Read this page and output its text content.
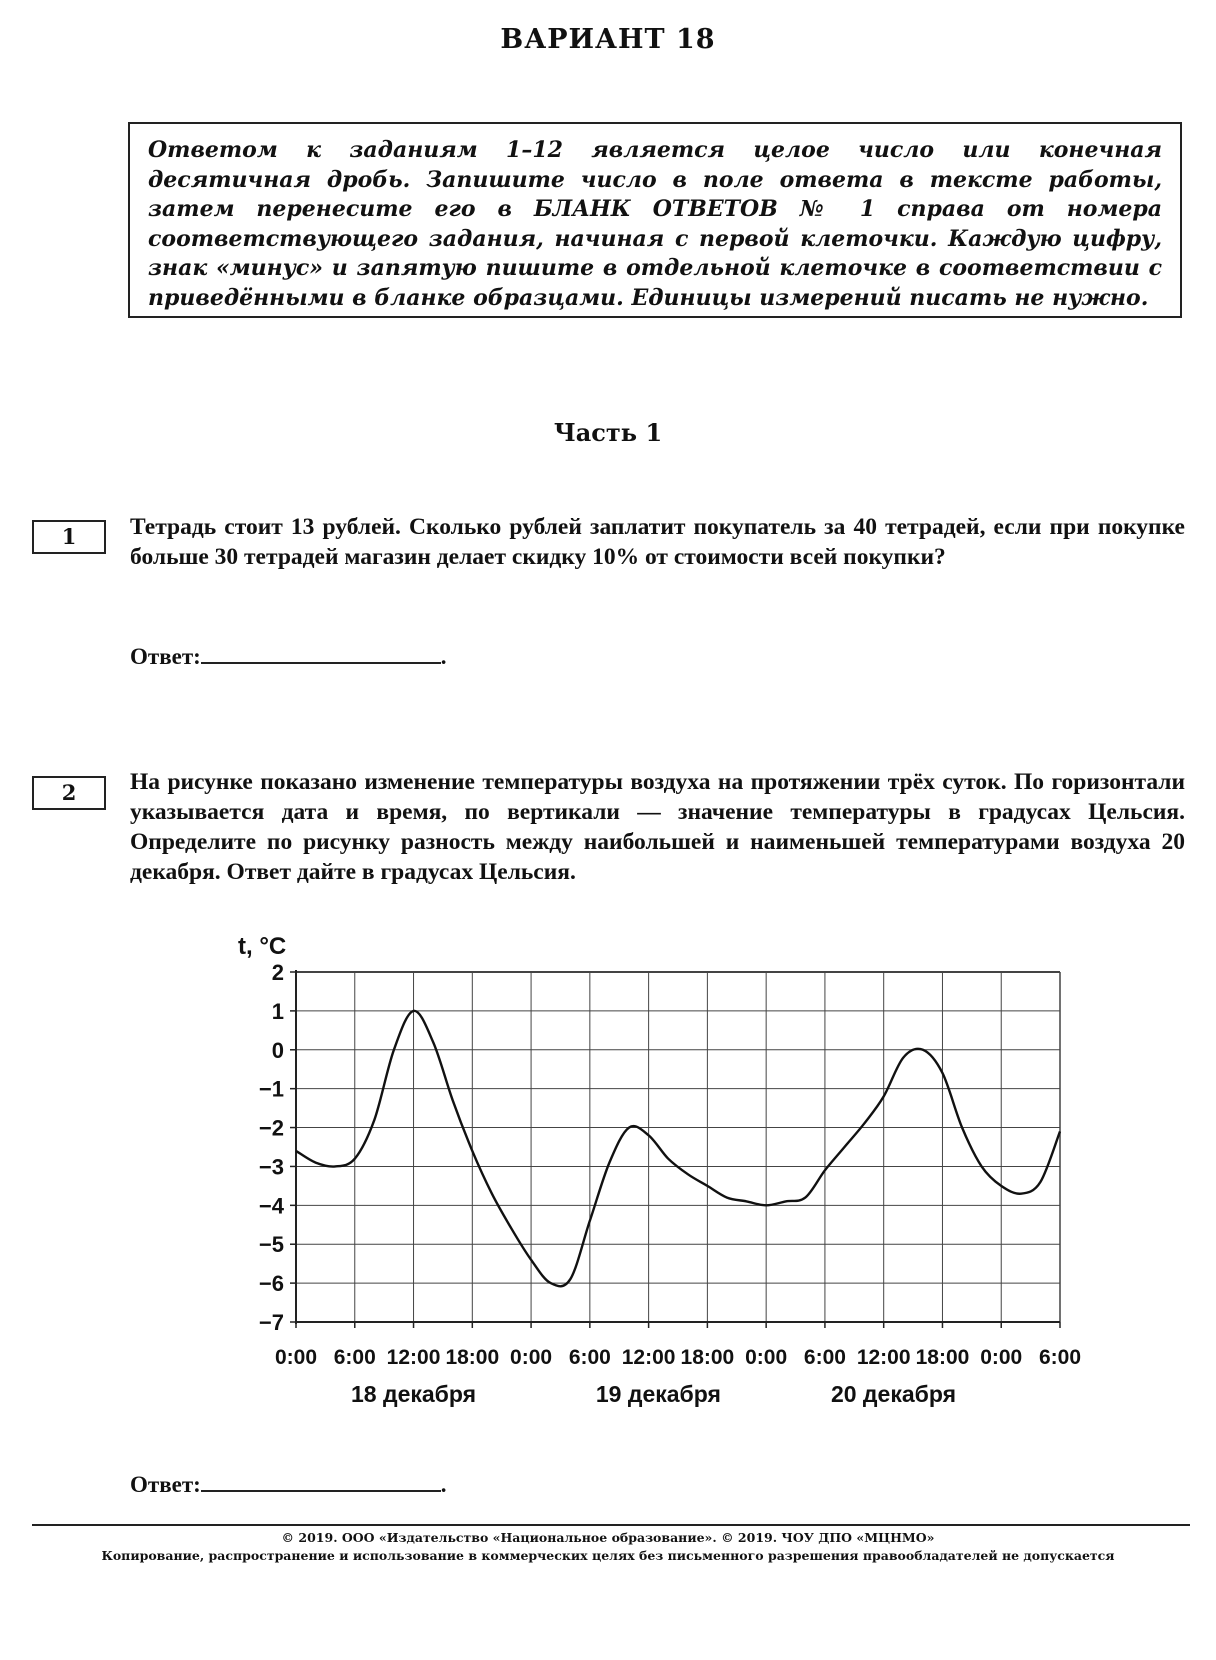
ВАРИАНТ 18
Ответом к заданиям 1–12 является целое число или конечная десятичная дробь. Запишите число в поле ответа в тексте работы, затем перенесите его в БЛАНК ОТВЕТОВ № 1 справа от номера соответствующего задания, начиная с первой клеточки. Каждую цифру, знак «минус» и запятую пишите в отдельной клеточке в соответствии с приведёнными в бланке образцами. Единицы измерений писать не нужно.
Часть 1
1	Тетрадь стоит 13 рублей. Сколько рублей заплатит покупатель за 40 тетрадей, если при покупке больше 30 тетрадей магазин делает скидку 10% от стоимости всей покупки?
Ответ:	.
2	На рисунке показано изменение температуры воздуха на протяжении трёх суток. По горизонтали указывается дата и время, по вертикали — значение температуры в градусах Цельсия. Определите по рисунку разность между наибольшей и наименьшей температурами воздуха 20 декабря. Ответ дайте в градусах Цельсия.
2
1
0
−1
−2
−3
−4
−5
−6
−7
0:00 6:00 12:00 18:00 0:00 6:00 12:00 18:00 0:00 6:00 12:00 18:00 0:00 6:00
t, °C
18 декабря	19 декабря	20 декабря
Ответ:	.
© 2019. ООО «Издательство «Национальное образование». © 2019. ЧОУ ДПО «МЦНМО»
Копирование, распространение и использование в коммерческих целях без письменного разрешения правообладателей не допускается
